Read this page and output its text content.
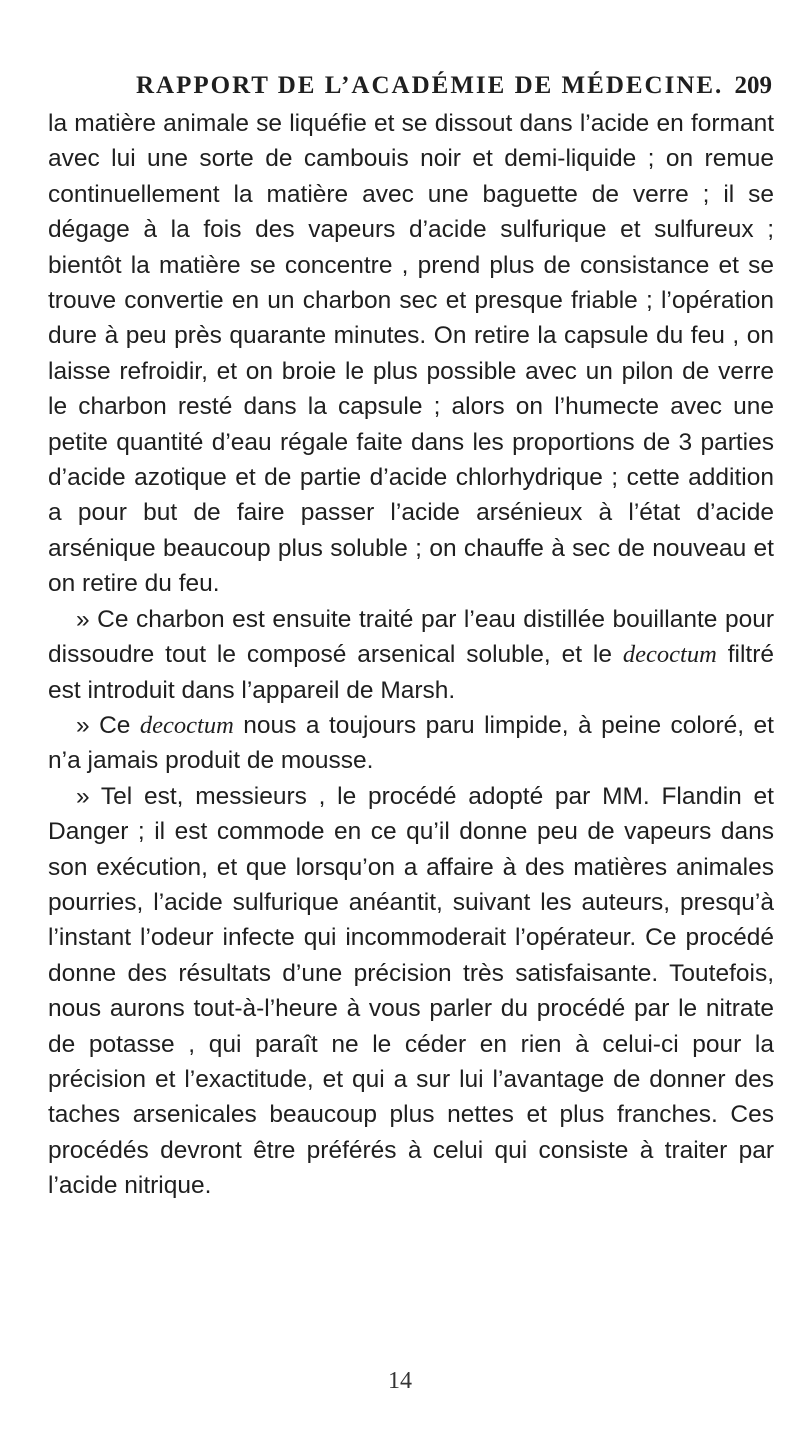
RAPPORT DE L’ACADÉMIE DE MÉDECINE. 209

la matière animale se liquéfie et se dissout dans l’acide en formant avec lui une sorte de cambouis noir et demi-liquide ; on remue continuellement la matière avec une baguette de verre ; il se dégage à la fois des vapeurs d’acide sulfurique et sulfureux ; bientôt la matière se concentre , prend plus de consistance et se trouve convertie en un charbon sec et presque friable ; l’opération dure à peu près quarante minutes. On retire la capsule du feu , on laisse refroidir, et on broie le plus possible avec un pilon de verre le charbon resté dans la capsule ; alors on l’humecte avec une petite quantité d’eau régale faite dans les proportions de 3 parties d’acide azotique et de partie d’acide chlorhydrique ; cette addition a pour but de faire passer l’acide arsénieux à l’état d’acide arsénique beaucoup plus soluble ; on chauffe à sec de nouveau et on retire du feu.

» Ce charbon est ensuite traité par l’eau distillée bouillante pour dissoudre tout le composé arsenical soluble, et le decoctum filtré est introduit dans l’appareil de Marsh.

» Ce decoctum nous a toujours paru limpide, à peine coloré, et n’a jamais produit de mousse.

» Tel est, messieurs , le procédé adopté par MM. Flandin et Danger ; il est commode en ce qu’il donne peu de vapeurs dans son exécution, et que lorsqu’on a affaire à des matières animales pourries, l’acide sulfurique anéantit, suivant les auteurs, presqu’à l’instant l’odeur infecte qui incommoderait l’opérateur. Ce procédé donne des résultats d’une précision très satisfaisante. Toutefois, nous aurons tout-à-l’heure à vous parler du procédé par le nitrate de potasse , qui paraît ne le céder en rien à celui-ci pour la précision et l’exactitude, et qui a sur lui l’avantage de donner des taches arsenicales beaucoup plus nettes et plus franches. Ces procédés devront être préférés à celui qui consiste à traiter par l’acide nitrique.

14
